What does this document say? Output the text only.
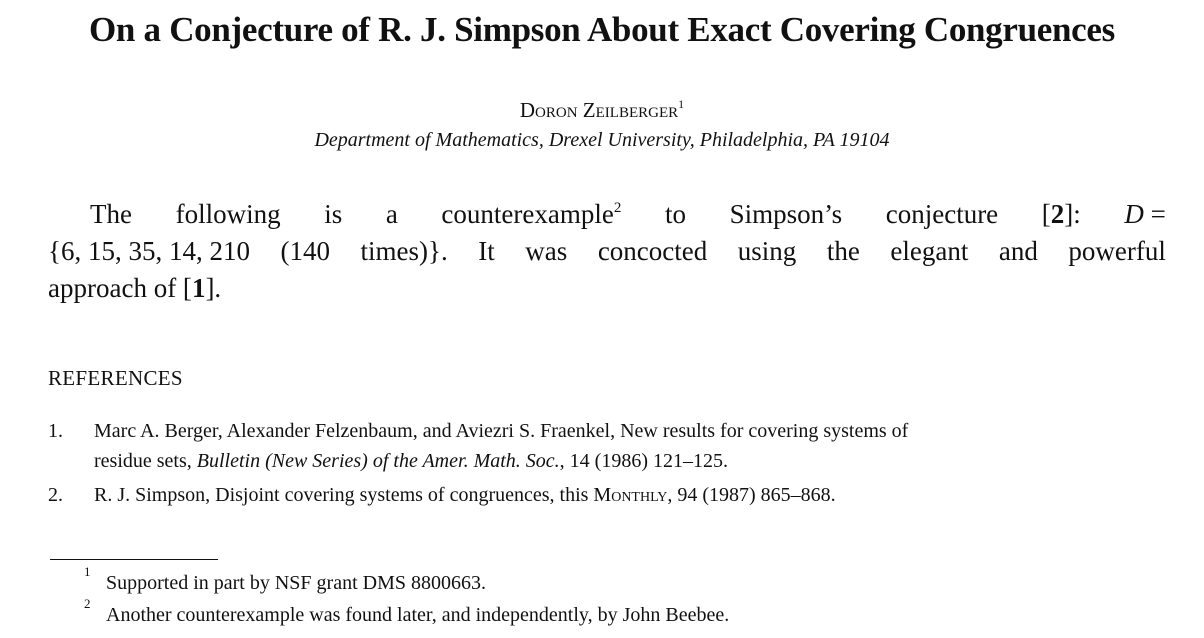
On a Conjecture of R. J. Simpson About Exact Covering Congruences
Doron Zeilberger$^1$
Department of Mathematics, Drexel University, Philadelphia, PA 19104
The following is a counterexample$^2$ to Simpson’s conjecture [2]: D =
{6, 15, 35, 14, 210 (140 times)}. It was concocted using the elegant and powerful
approach of [ 1 ].
REFERENCES
1. Marc A. Berger, Alexander Felzenbaum, and Aviezri S. Fraenkel, New results for covering systems of
residue sets, Bulletin (New Series) of the Amer. Math. Soc., 14 (1986) 121–125.
2. R. J. Simpson, Disjoint covering systems of congruences, this Monthly, 94 (1987) 865–868.
1
Supported in part by NSF grant DMS 8800663.
2
Another counterexample was found later, and independently, by John Beebee.
